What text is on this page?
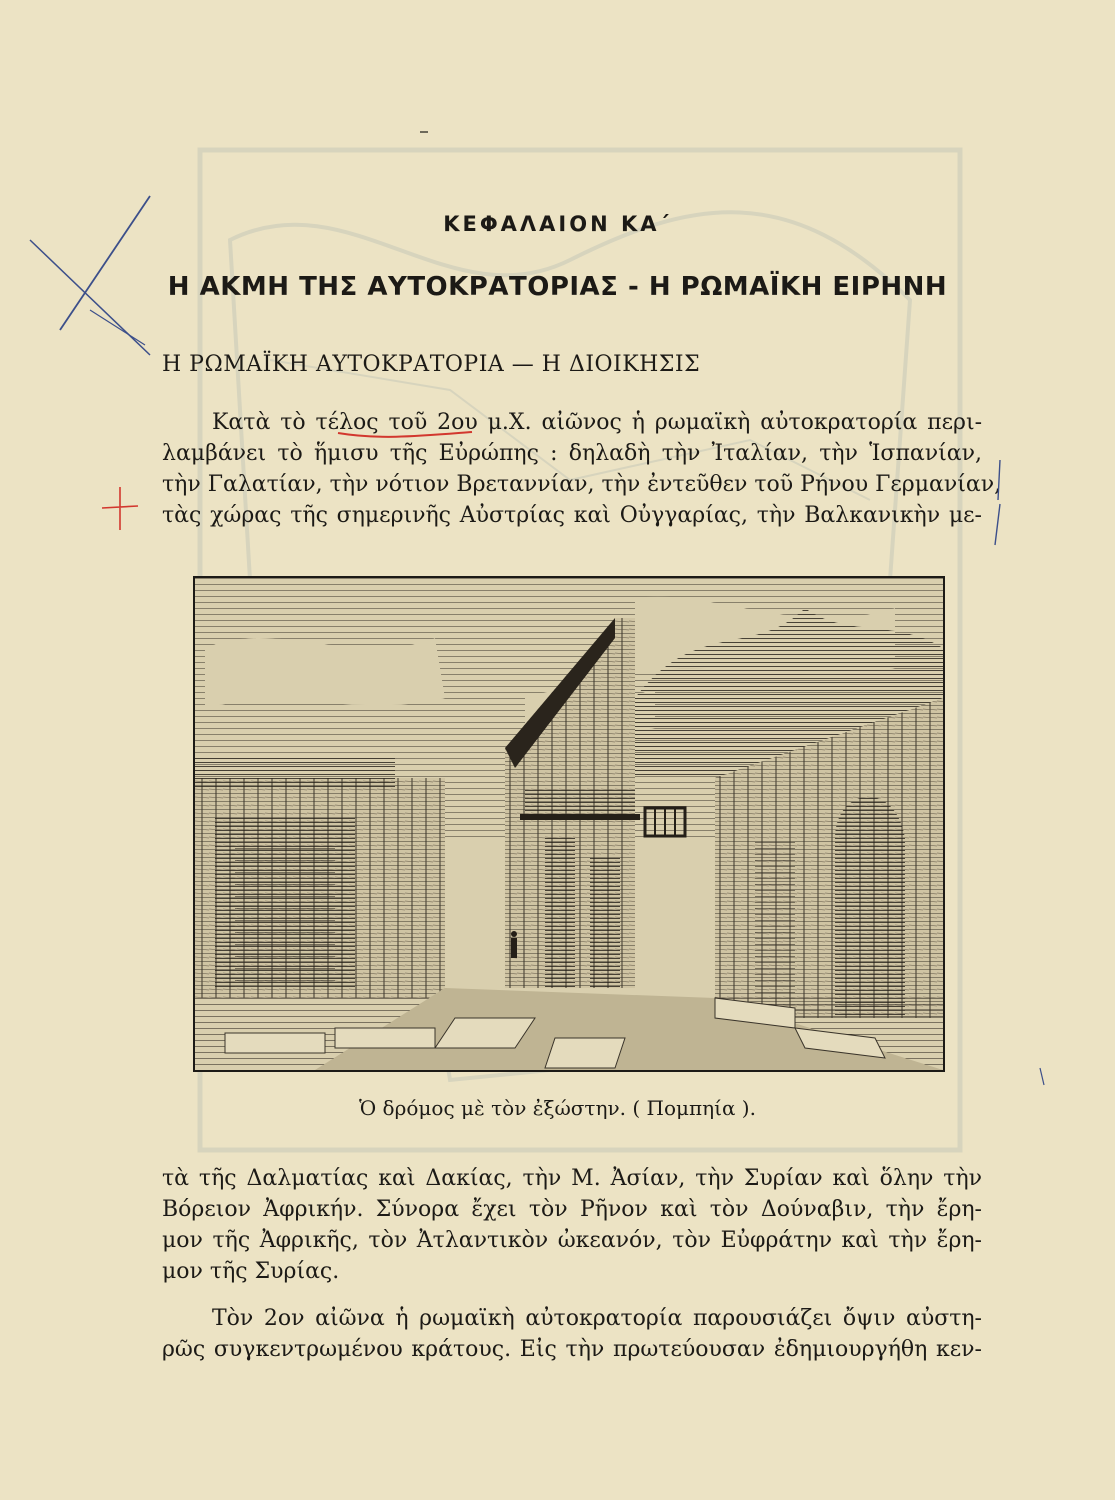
ΚΕΦΑΛΑΙΟΝ ΚΑ΄
Η ΑΚΜΗ ΤΗΣ ΑΥΤΟΚΡΑΤΟΡΙΑΣ - Η ΡΩΜΑΪΚΗ ΕΙΡΗΝΗ
Η ΡΩΜΑΪΚΗ ΑΥΤΟΚΡΑΤΟΡΙΑ — Η ΔΙΟΙΚΗΣΙΣ

Κατὰ τὸ τέλος τοῦ 2ου μ.Χ. αἰῶνος ἡ ρωμαϊκὴ αὐτοκρατορία περι-
λαμβάνει τὸ ἥμισυ τῆς Εὐρώπης : δηλαδὴ τὴν Ἰταλίαν, τὴν Ἱσπανίαν,
τὴν Γαλατίαν, τὴν νότιον Βρεταννίαν, τὴν ἐντεῦθεν τοῦ Ρήνου Γερμανίαν,
τὰς χώρας τῆς σημερινῆς Αὐστρίας καὶ Οὐγγαρίας, τὴν Βαλκανικὴν με-

Ὁ δρόμος μὲ τὸν ἐξώστην. ( Πομπηία ).

τὰ τῆς Δαλματίας καὶ Δακίας, τὴν Μ. Ἀσίαν, τὴν Συρίαν καὶ ὅλην τὴν
Βόρειον Ἀφρικήν. Σύνορα ἔχει τὸν Ρῆνον καὶ τὸν Δούναβιν, τὴν ἔρη-
μον τῆς Ἀφρικῆς, τὸν Ἀτλαντικὸν ὠκεανόν, τὸν Εὐφράτην καὶ τὴν ἔρη-
μον τῆς Συρίας.

Τὸν 2ον αἰῶνα ἡ ρωμαϊκὴ αὐτοκρατορία παρουσιάζει ὄψιν αὐστη-
ρῶς συγκεντρωμένου κράτους. Εἰς τὴν πρωτεύουσαν ἐδημιουργήθη κεν-
